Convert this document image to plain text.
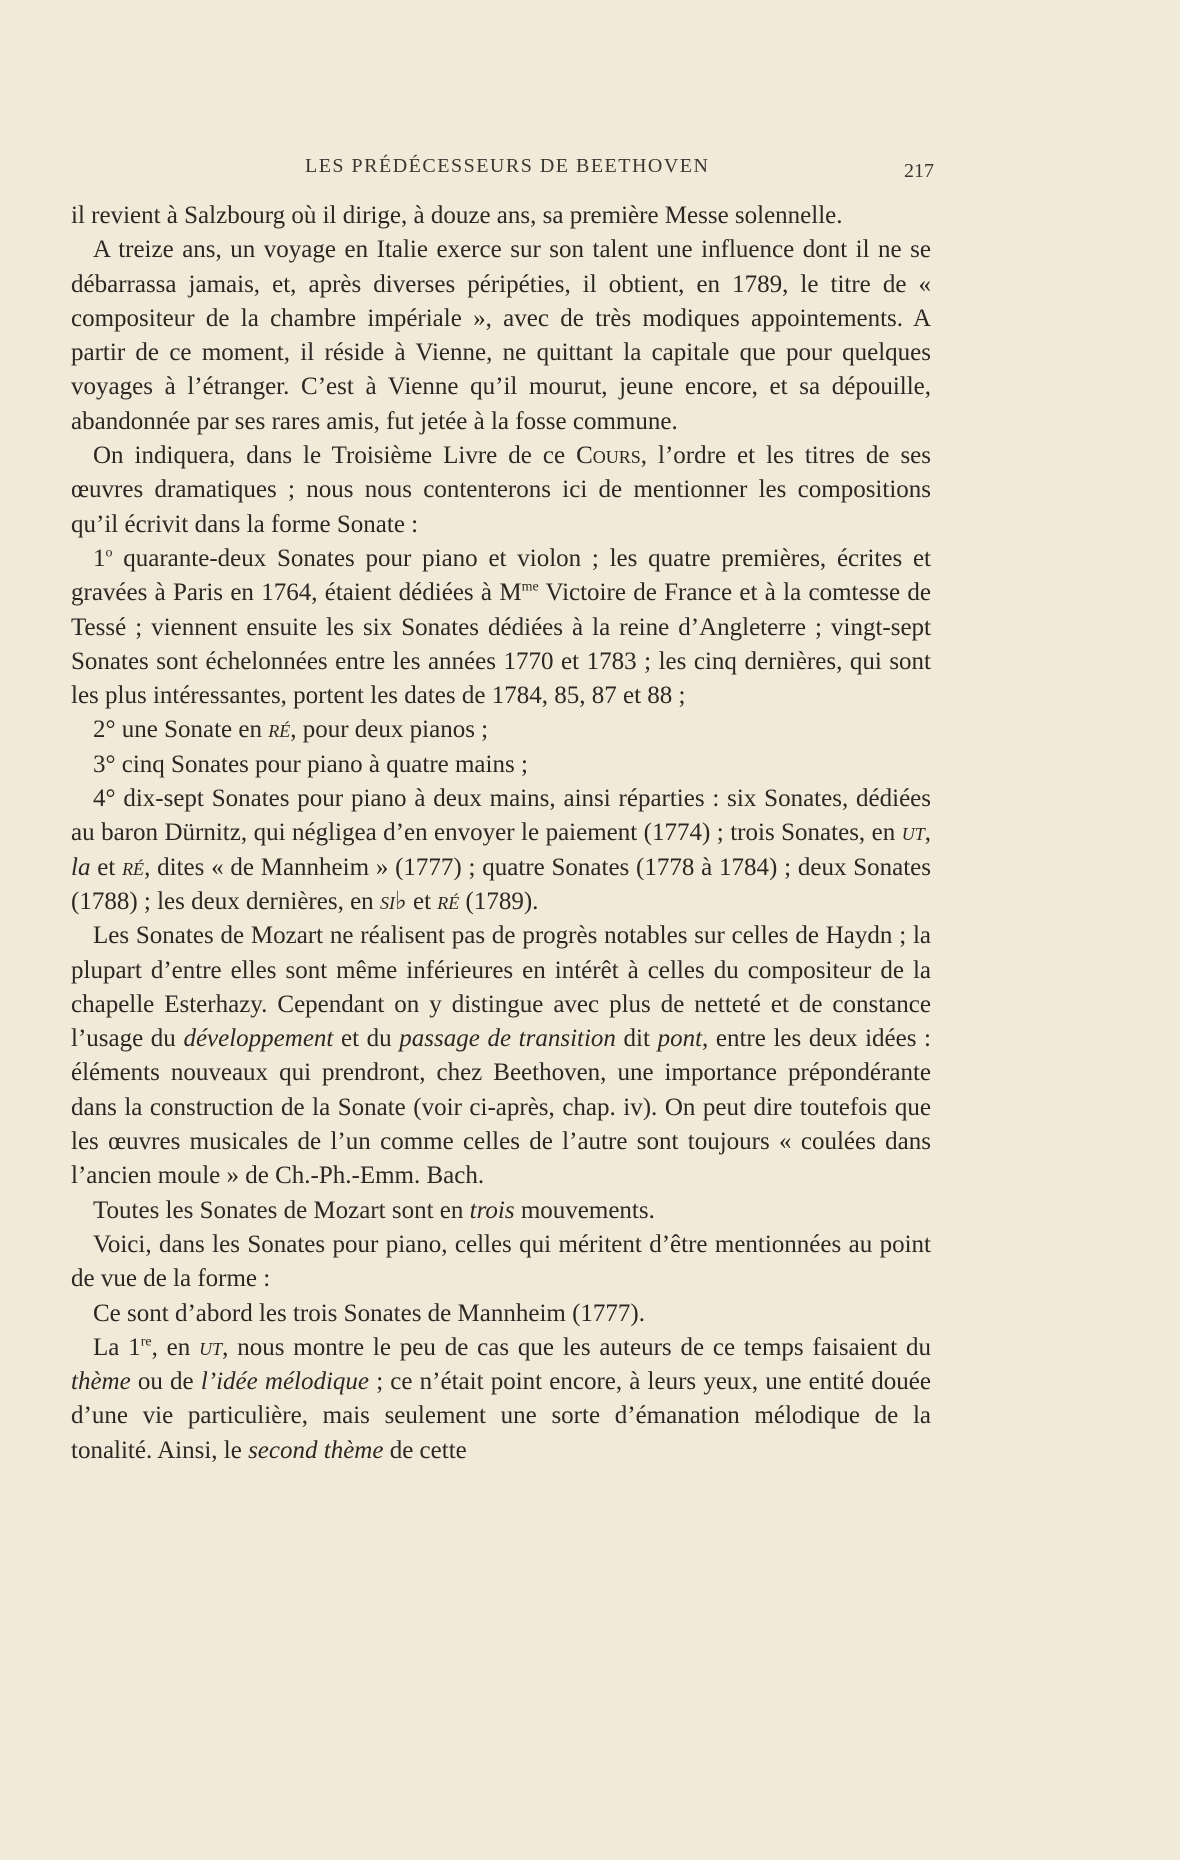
LES PRÉDÉCESSEURS DE BEETHOVEN	217

il revient à Salzbourg où il dirige, à douze ans, sa première Messe solennelle.

A treize ans, un voyage en Italie exerce sur son talent une influence dont il ne se débarrassa jamais, et, après diverses péripéties, il obtient, en 1789, le titre de « compositeur de la chambre impériale », avec de très modiques appointements. A partir de ce moment, il réside à Vienne, ne quittant la capitale que pour quelques voyages à l’étranger. C’est à Vienne qu’il mourut, jeune encore, et sa dépouille, abandonnée par ses rares amis, fut jetée à la fosse commune.

On indiquera, dans le Troisième Livre de ce Cours, l’ordre et les titres de ses œuvres dramatiques ; nous nous contenterons ici de mentionner les compositions qu’il écrivit dans la forme Sonate :

1$^o$ quarante-deux Sonates pour piano et violon ; les quatre premières, écrites et gravées à Paris en 1764, étaient dédiées à $M^{me}$ Victoire de France et à la comtesse de Tessé ; viennent ensuite les six Sonates dédiées à la reine d’Angleterre ; vingt-sept Sonates sont échelonnées entre les années 1770 et 1783 ; les cinq dernières, qui sont les plus intéressantes, portent les dates de 1784, 85, 87 et 88 ;

2° une Sonate en ré, pour deux pianos ;

3° cinq Sonates pour piano à quatre mains ;

4° dix-sept Sonates pour piano à deux mains, ainsi réparties : six Sonates, dédiées au baron Dürnitz, qui négligea d’en envoyer le paiement (1774) ; trois Sonates, en ut, la et ré, dites « de Mannheim » (1777) ; quatre Sonates (1778 à 1784) ; deux Sonates (1788) ; les deux dernières, en si♭ et ré (1789).

Les Sonates de Mozart ne réalisent pas de progrès notables sur celles de Haydn ; la plupart d’entre elles sont même inférieures en intérêt à celles du compositeur de la chapelle Esterhazy. Cependant on y distingue avec plus de netteté et de constance l’usage du développement et du passage de transition dit pont, entre les deux idées : éléments nouveaux qui prendront, chez Beethoven, une importance prépondérante dans la construction de la Sonate (voir ci-après, chap. iv). On peut dire toutefois que les œuvres musicales de l’un comme celles de l’autre sont toujours « coulées dans l’ancien moule » de Ch.-Ph.-Emm. Bach.

Toutes les Sonates de Mozart sont en trois mouvements.

Voici, dans les Sonates pour piano, celles qui méritent d’être mentionnées au point de vue de la forme :

Ce sont d’abord les trois Sonates de Mannheim (1777).

La 1re, en ut, nous montre le peu de cas que les auteurs de ce temps faisaient du thème ou de l’idée mélodique ; ce n’était point encore, à leurs yeux, une entité douée d’une vie particulière, mais seulement une sorte d’émanation mélodique de la tonalité. Ainsi, le second thème de cette
